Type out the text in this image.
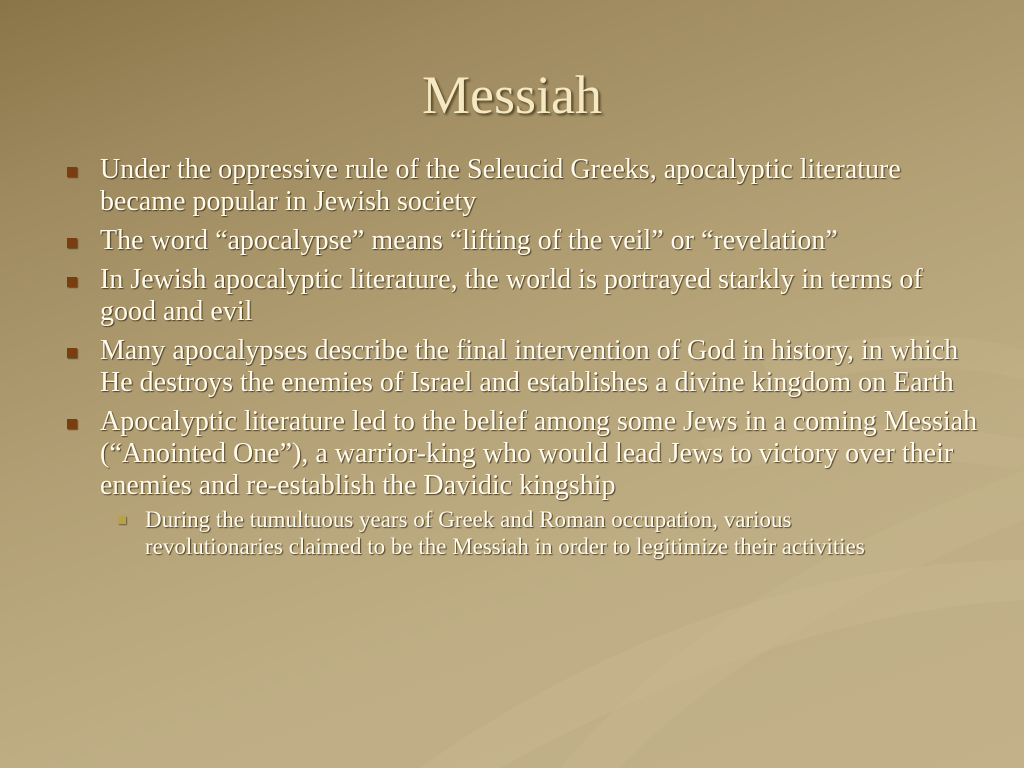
Messiah
Under the oppressive rule of the Seleucid Greeks, apocalyptic literature became popular in Jewish society
The word “apocalypse” means “lifting of the veil” or “revelation”
In Jewish apocalyptic literature, the world is portrayed starkly in terms of good and evil
Many apocalypses describe the final intervention of God in history, in which He destroys the enemies of Israel and establishes a divine kingdom on Earth
Apocalyptic literature led to the belief among some Jews in a coming Messiah (“Anointed One”), a warrior-king who would lead Jews to victory over their enemies and re-establish the Davidic kingship
During the tumultuous years of Greek and Roman occupation, various revolutionaries claimed to be the Messiah in order to legitimize their activities
